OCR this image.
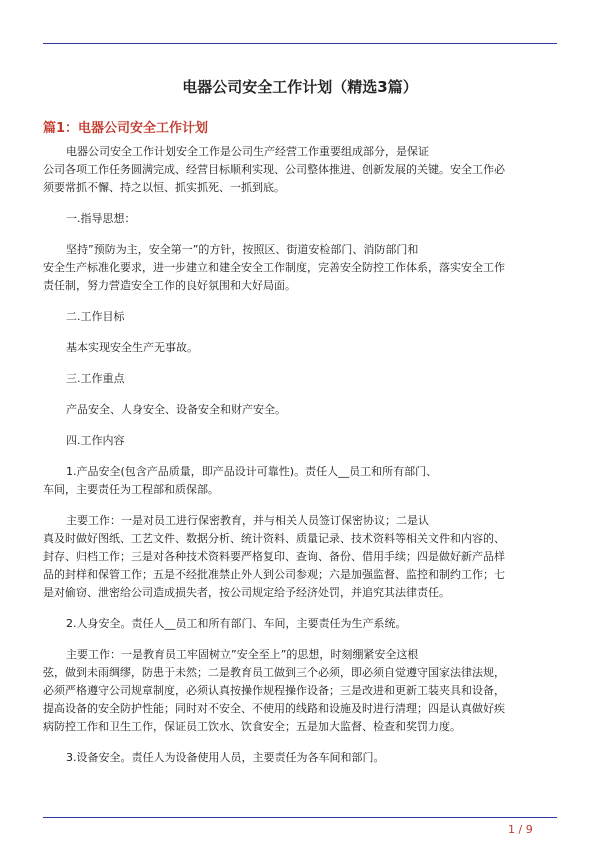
电器公司安全工作计划（精选3篇）
篇1：电器公司安全工作计划
电器公司安全工作计划安全工作是公司生产经营工作重要组成部分，是保证
公司各项工作任务圆满完成、经营目标顺利实现、公司整体推进、创新发展的关键。安全工作必
须要常抓不懈、持之以恒、抓实抓死、一抓到底。
一.指导思想：
坚持”预防为主，安全第一”的方针，按照区、街道安检部门、消防部门和
安全生产标准化要求，进一步建立和建全安全工作制度，完善安全防控工作体系，落实安全工作
责任制，努力营造安全工作的良好氛围和大好局面。
二.工作目标
基本实现安全生产无事故。
三.工作重点
产品安全、人身安全、设备安全和财产安全。
四.工作内容
1.产品安全(包含产品质量，即产品设计可靠性)。责任人__员工和所有部门、
车间，主要责任为工程部和质保部。
主要工作：一是对员工进行保密教育，并与相关人员签订保密协议；二是认
真及时做好图纸、工艺文件、数据分析、统计资料、质量记录、技术资料等相关文件和内容的、
封存、归档工作；三是对各种技术资料要严格复印、查询、备份、借用手续；四是做好新产品样
品的封样和保管工作；五是不经批准禁止外人到公司参观；六是加强监督、监控和制约工作；七
是对偷窃、泄密给公司造成损失者，按公司规定给予经济处罚，并追究其法律责任。
2.人身安全。责任人__员工和所有部门、车间，主要责任为生产系统。
主要工作：一是教育员工牢固树立”安全至上”的思想，时刻绷紧安全这根
弦，做到未雨绸缪，防患于未然；二是教育员工做到三个必须，即必须自觉遵守国家法律法规，
必须严格遵守公司规章制度，必须认真按操作规程操作设备；三是改进和更新工装夹具和设备，
提高设备的安全防护性能；同时对不安全、不使用的线路和设施及时进行清理；四是认真做好疾
病防控工作和卫生工作，保证员工饮水、饮食安全；五是加大监督、检查和奖罚力度。
3.设备安全。责任人为设备使用人员，主要责任为各车间和部门。
1 / 9
